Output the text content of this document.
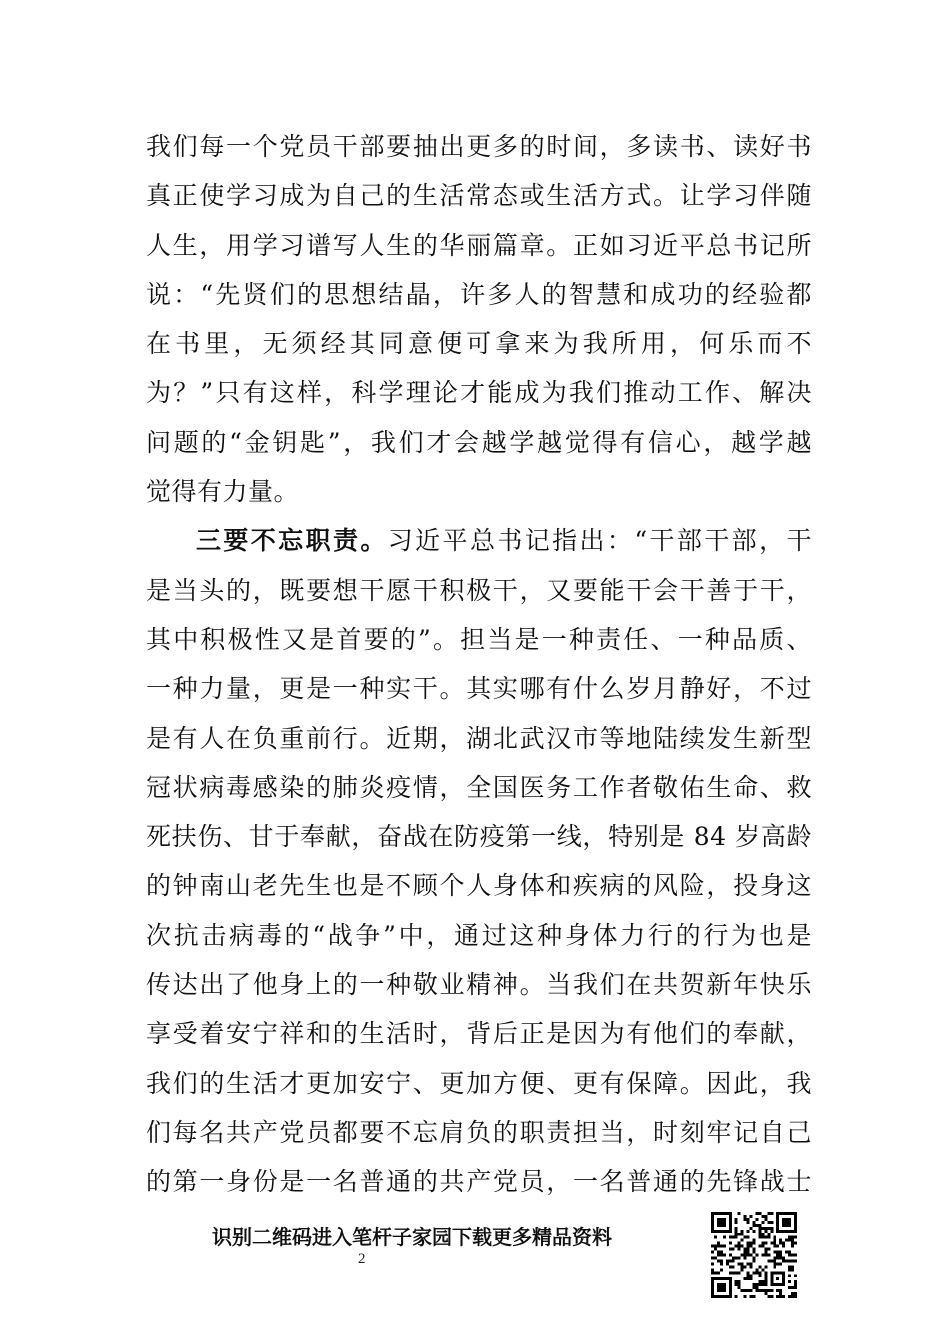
我们每一个党员干部要抽出更多的时间，多读书、读好书
真正使学习成为自己的生活常态或生活方式。让学习伴随
人生，用学习谱写人生的华丽篇章。正如习近平总书记所
说：“先贤们的思想结晶，许多人的智慧和成功的经验都
在书里，无须经其同意便可拿来为我所用，何乐而不
为？”只有这样，科学理论才能成为我们推动工作、解决
问题的“金钥匙”，我们才会越学越觉得有信心，越学越
觉得有力量。
三要不忘职责。习近平总书记指出：“干部干部，干
是当头的，既要想干愿干积极干，又要能干会干善于干，
其中积极性又是首要的”。担当是一种责任、一种品质、
一种力量，更是一种实干。其实哪有什么岁月静好，不过
是有人在负重前行。近期，湖北武汉市等地陆续发生新型
冠状病毒感染的肺炎疫情，全国医务工作者敬佑生命、救
死扶伤、甘于奉献，奋战在防疫第一线，特别是 84 岁高龄
的钟南山老先生也是不顾个人身体和疾病的风险，投身这
次抗击病毒的“战争”中，通过这种身体力行的行为也是
传达出了他身上的一种敬业精神。当我们在共贺新年快乐
享受着安宁祥和的生活时，背后正是因为有他们的奉献，
我们的生活才更加安宁、更加方便、更有保障。因此，我
们每名共产党员都要不忘肩负的职责担当，时刻牢记自己
的第一身份是一名普通的共产党员，一名普通的先锋战士
识别二维码进入笔杆子家园下载更多精品资料
2
